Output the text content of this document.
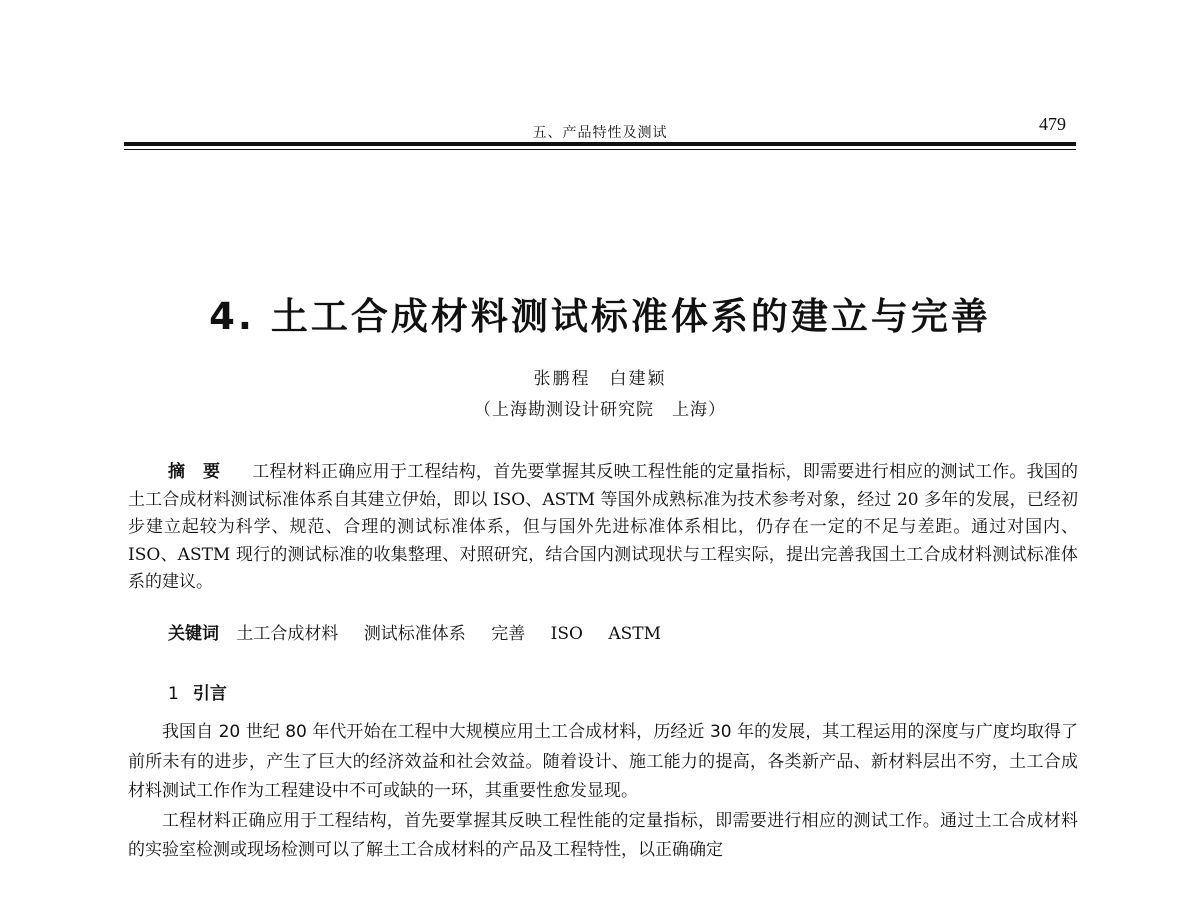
五、产品特性及测试	479
4. 土工合成材料测试标准体系的建立与完善
张鹏程　白建颖
（上海勘测设计研究院　上海）

摘要 工程材料正确应用于工程结构，首先要掌握其反映工程性能的定量指标，即需要进行相应的测试工作。我国的土工合成材料测试标准体系自其建立伊始，即以 ISO、ASTM 等国外成熟标准为技术参考对象，经过 20 多年的发展，已经初步建立起较为科学、规范、合理的测试标准体系，但与国外先进标准体系相比，仍存在一定的不足与差距。通过对国内、ISO、ASTM 现行的测试标准的收集整理、对照研究，结合国内测试现状与工程实际，提出完善我国土工合成材料测试标准体系的建议。

关键词 土工合成材料 测试标准体系 完善 ISO ASTM
1 引言

我国自 20 世纪 80 年代开始在工程中大规模应用土工合成材料，历经近 30 年的发展，其工程运用的深度与广度均取得了前所未有的进步，产生了巨大的经济效益和社会效益。随着设计、施工能力的提高，各类新产品、新材料层出不穷，土工合成材料测试工作作为工程建设中不可或缺的一环，其重要性愈发显现。

工程材料正确应用于工程结构，首先要掌握其反映工程性能的定量指标，即需要进行相应的测试工作。通过土工合成材料的实验室检测或现场检测可以了解土工合成材料的产品及工程特性，以正确确定
